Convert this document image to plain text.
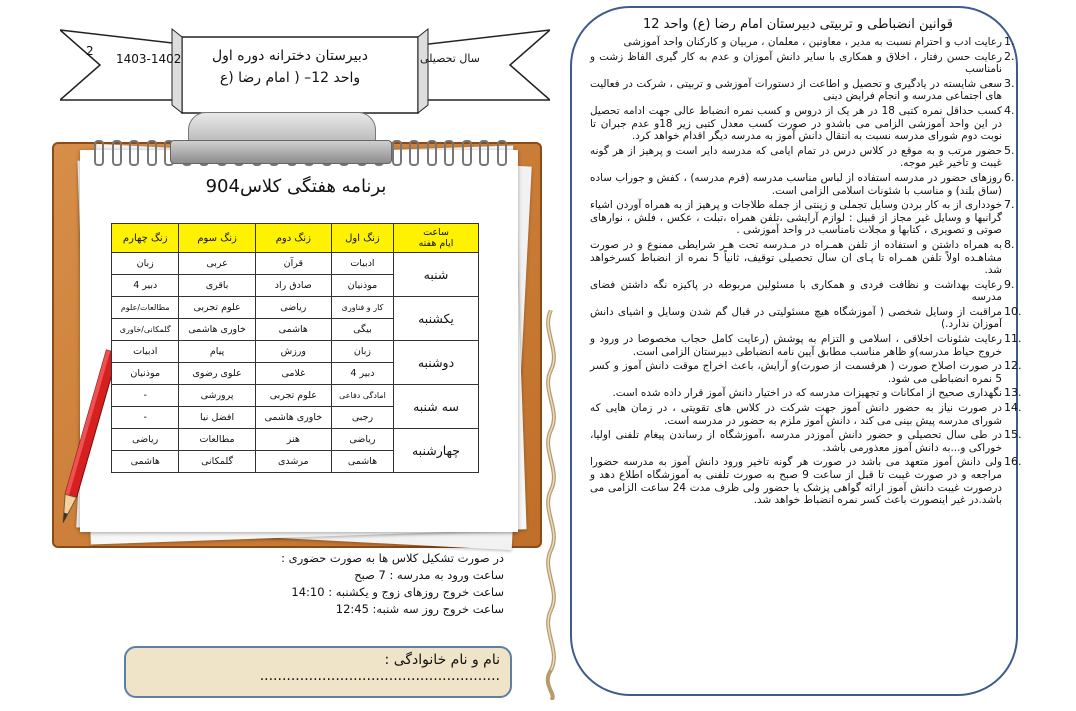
قوانین انضباطی و تربیتی دبیرستان امام رضا (ع) واحد 12
1.
رعایت ادب و احترام نسبت به مدیر ، معاونین ، معلمان ، مربیان و کارکنان واحد آموزشی
2.
رعایت حسن رفتار ، اخلاق و همکاری با سایر دانش آموزان و عدم به کار گیری الفاظ زشت و نامناسب
3.
سعی شایسته در یادگیری و تحصیل و اطاعت از دستورات آموزشی و تربیتی ، شرکت در فعالیت های اجتماعی مدرسه و انجام فرایض دینی
4.
کسب حداقل نمره کتبی 18 در هر یک از دروس و کسب نمره انضباط عالی جهت ادامه تحصیل در این واحد آموزشی الزامی می باشدو در صورت کسب معدل کتبی زیر 18و عدم جبران تا نوبت دوم شورای مدرسه نسبت به انتقال دانش آموز به مدرسه دیگر اقدام خواهد کرد.
5.
حضور مرتب و به موقع در کلاس درس در تمام ایامی که مدرسه دایر است و پرهیز از هر گونه غیبت و تاخیر غیر موجه.
6.
روزهای حضور در مدرسه استفاده از لباس مناسب مدرسه (فرم مدرسه) ، کفش و جوراب ساده (ساق بلند) و مناسب با شئونات اسلامی الزامی است.
7.
خودداری از به کار بردن وسایل تجملی و زینتی از جمله طلاجات و پرهیز از به همراه آوردن اشیاء گرانبها و وسایل غیر مجاز از قبیل : لوازم آرایشی ،تلفن همراه ،تبلت ، عکس ، فلش ، نوارهای صوتی و تصویری ، کتابها و مجلات نامناسب در واحد آموزشی .
8.
به همراه داشتن و استفاده از تلفن همـراه در مـدرسه تحت هـر شرایطی ممنوع و در صورت مشاهـده اولاً تلفن همـراه تا پـای ان سال تحصیلی توقیف، ثانیاً 5 نمره از انضباط کسرخواهد شد.
9.
رعایت بهداشت و نظافت فردی و همکاری با مسئولین مربوطه در پاکیزه نگه داشتن فضای مدرسه
10.
مراقبت از وسایل شخصی ( آموزشگاه هیچ مسئولیتی در قبال گم شدن وسایل و اشیای دانش آموزان ندارد.)
11.
رعایت شئونات اخلاقی ، اسلامی و التزام به پوشش (رعایت کامل حجاب مخصوصا در ورود و خروج حیاط مدرسه)و ظاهر مناسب مطابق آیین نامه انضباطی دبیرستان الزامی است.
12.
در صورت اصلاح صورت ( هرقسمت از صورت)و آرایش، باعث اخراج موقت دانش آموز و کسر 5 نمره انضباطی می شود.
13.
نگهداری صحیح از امکانات و تجهیزات مدرسه که در اختیار دانش آموز قرار داده شده است.
14.
در صورت نیاز به حضور دانش آموز جهت شرکت در کلاس های تقویتی ، در زمان هایی که شورای مدرسه پیش بینی می کند ، دانش آموز ملزم به حضور در مدرسه است.
15.
در طی سال تحصیلی و حضور دانش آموزدر مدرسه ،آموزشگاه از رساندن پیغام تلفنی اولیا، خوراکی و...به دانش آموز معذورمی باشد.
16.
ولی دانش آموز متعهد می باشد در صورت هر گونه تاخیر ورود دانش آموز به مدرسه حضورا مراجعه و در صورت غیبت تا قبل از ساعت 9 صبح به صورت تلفنی به آموزشگاه اطلاع دهد و درصورت غیبت دانش آموز ارائه گواهی پزشک یا حضور ولی ظرف مدت 24 ساعت الزامی می باشد.در غیر اینصورت باعث کسر نمره انضباط خواهد شد.
دبیرستان دخترانه دوره اول
واحد 12– ( امام رضا (ع
سال تحصیلی
1403-1402
2
برنامه هفتگی کلاس904
ساعت
ایام هفته	زنگ اول	زنگ دوم	زنگ سوم	زنگ چهارم
شنبه	ادبیات	قرآن	عربی	زبان
	موذنیان	صادق راد	باقری	دبیر 4
یکشنبه	کار و فناوری	ریاضی	علوم تجربی	مطالعات/علوم
	بیگی	هاشمی	خاوری هاشمی	گلمکانی/خاوری
دوشنبه	زبان	ورزش	پیام	ادبیات
	دبیر 4	غلامی	علوی رضوی	موذنیان
سه شنبه	امادگی دفاعی	علوم تجربی	پرورشی	-
	رجبی	خاوری هاشمی	افضل نیا	-
چهارشنبه	ریاضی	هنر	مطالعات	ریاضی
	هاشمی	مرشدی	گلمکانی	هاشمی
در صورت تشکیل کلاس ها به صورت حضوری :
ساعت ورود به مدرسه : 7 صبح
ساعت خروج روزهای زوج و یکشنبه : 14:10
ساعت خروج روز سه شنبه: 12:45
نام و نام خانوادگی : ......................................................
